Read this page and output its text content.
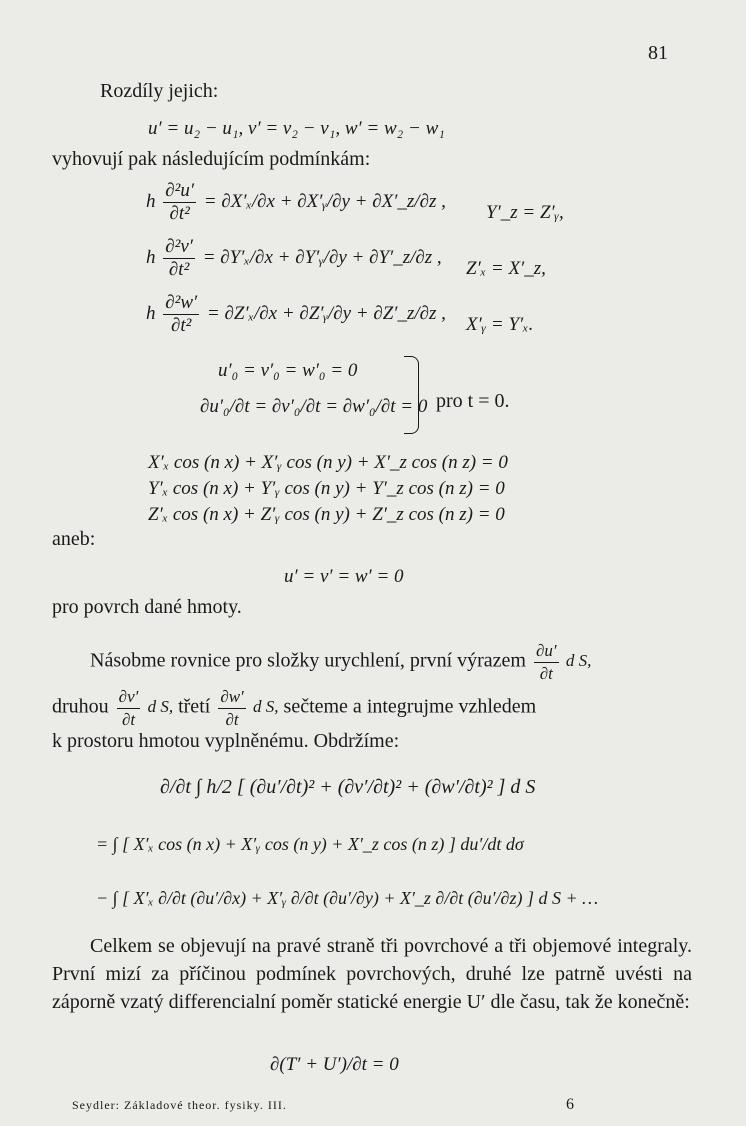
81
Rozdíly jejich:
u′ = u₂ − u₁, v′ = v₂ − v₁, w′ = w₂ − w₁
vyhovují pak následujícím podmínkám:
h $\frac{\text{∂²u′}}{\text{∂t²}} = \partial X'_x/\partial x$ + ∂X′ᵧ/∂y + ∂X′_z/∂z ,
Y′_z = Z′ᵧ,
h $\frac{\text{∂²v′}}{\text{∂t²}} = \partial Y'_x/\partial x$ + ∂Y′ᵧ/∂y + ∂Y′_z/∂z ,
Z′ₓ = X′_z,
h $\frac{\text{∂²w′}}{\text{∂t²}} = \partial Z'_x/\partial x$ + ∂Z′ᵧ/∂y + ∂Z′_z/∂z ,
X′ᵧ = Y′ₓ.
u′₀ = v′₀ = w′₀ = 0
∂u′₀/∂t = ∂v′₀/∂t = ∂w′₀/∂t = 0 pro t = 0.
X′ₓ cos (n x) + X′ᵧ cos (n y) + X′_z cos (n z) = 0
Y′ₓ cos (n x) + Y′ᵧ cos (n y) + Y′_z cos (n z) = 0
Z′ₓ cos (n x) + Z′ᵧ cos (n y) + Z′_z cos (n z) = 0
aneb:
u′ = v′ = w′ = 0
pro povrch dané hmoty.
Násobme rovnice pro složky urychlení, první výrazem $\frac{\partial u'}{\partial t}$ d S,
druhou $\frac{\partial v'}{\partial t}$ d S, třetí $\frac{\partial w'}{\partial t}$ d S, sečteme a integrujme vzhledem
k prostoru hmotou vyplněnému. Obdržíme:
∂/∂t ∫ h/2 [ (∂u′/∂t)² + (∂v′/∂t)² + (∂w′/∂t)² ] d S
= ∫ [ X′ₓ cos (n x) + X′ᵧ cos (n y) + X′_z cos (n z) ] du′/dt dσ
− ∫ [ X′ₓ ∂/∂t (∂u′/∂x) + X′ᵧ ∂/∂t (∂u′/∂y) + X′_z ∂/∂t (∂u′/∂z) ] d S + …
Celkem se objevují na pravé straně tři povrchové a tři objemové integraly. První mizí za příčinou podmínek povrchových, druhé lze patrně uvésti na záporně vzatý differencialní poměr statické energie U′ dle času, tak že konečně:
∂(T′ + U′)/∂t = 0
Seydler: Základové theor. fysiky. III.	6
